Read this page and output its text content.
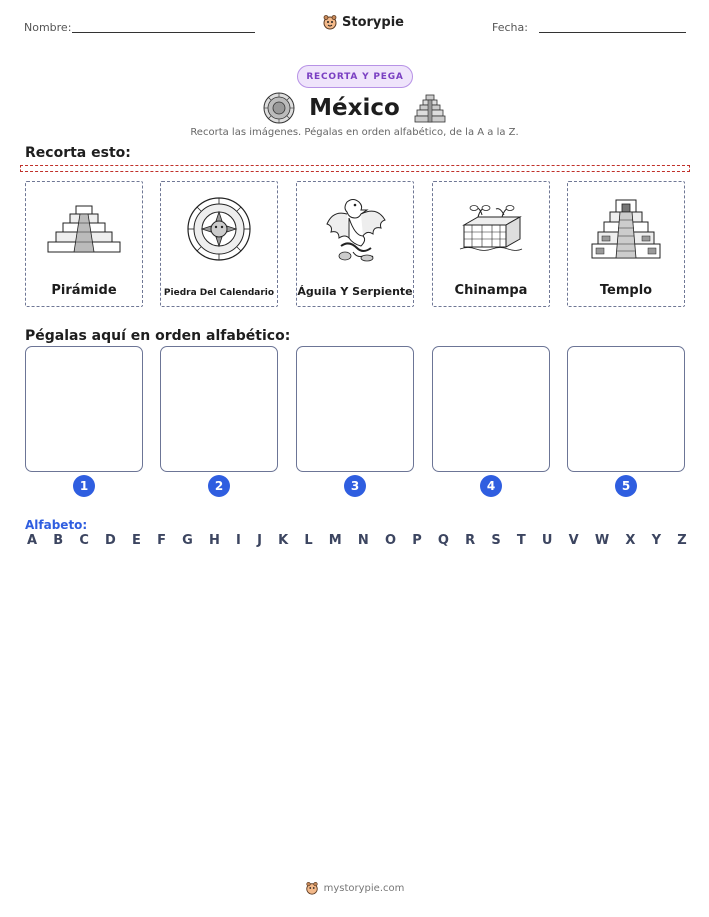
Nombre:	Storypie	Fecha:
RECORTA Y PEGA
México
Recorta las imágenes. Pégalas en orden alfabético, de la A a la Z.
Recorta esto:
Pirámide	Piedra Del Calendario Águila Y Serpiente	Chinampa	Templo
Pégalas aquí en orden alfabético:
1	2	3	4	5
Alfabeto:
A B C D E F G H I J K L M N O P Q R S T U V W X Y Z
mystorypie.com
